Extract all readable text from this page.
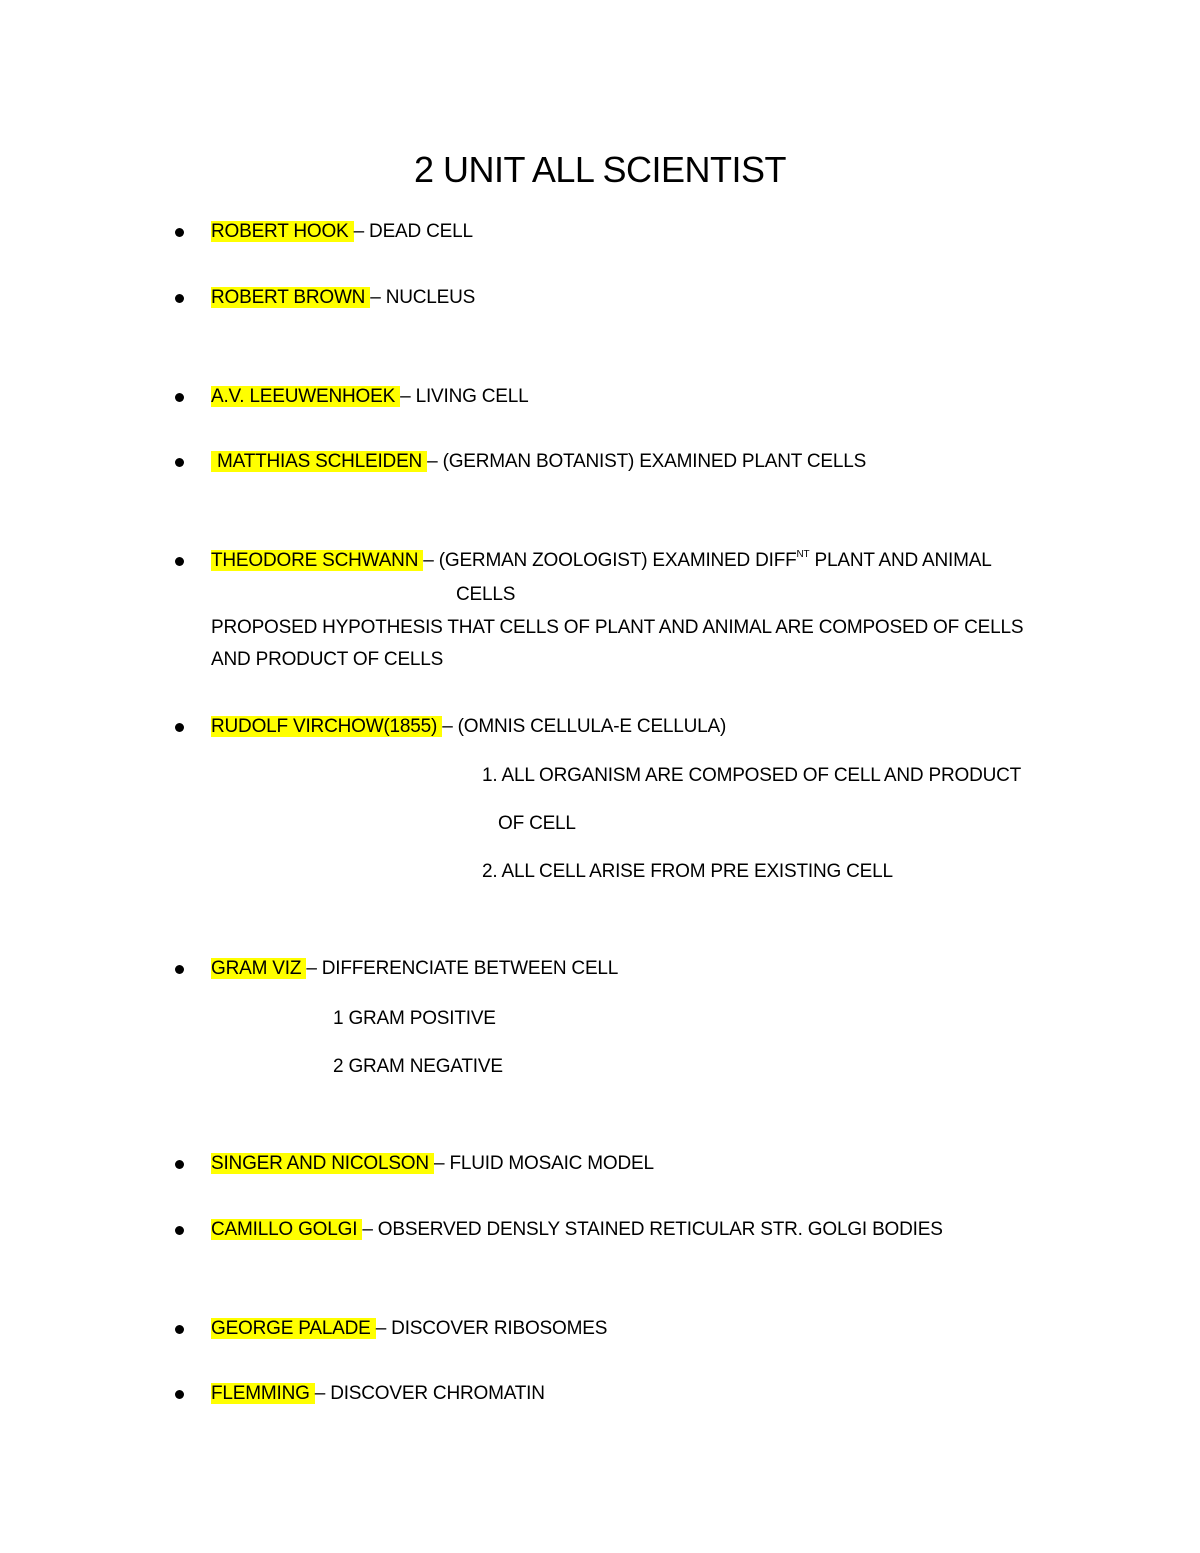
2 UNIT ALL SCIENTIST
ROBERT HOOK – DEAD CELL
ROBERT BROWN – NUCLEUS
A.V. LEEUWENHOEK – LIVING CELL
MATTHIAS SCHLEIDEN – (GERMAN BOTANIST) EXAMINED PLANT CELLS
THEODORE SCHWANN – (GERMAN ZOOLOGIST) EXAMINED $DIFF^{NT}$ PLANT AND ANIMAL
CELLS
PROPOSED HYPOTHESIS THAT CELLS OF PLANT AND ANIMAL ARE COMPOSED OF CELLS
AND PRODUCT OF CELLS
RUDOLF VIRCHOW(1855) – (OMNIS CELLULA-E CELLULA)
1. ALL ORGANISM ARE COMPOSED OF CELL AND PRODUCT
OF CELL
2. ALL CELL ARISE FROM PRE EXISTING CELL
GRAM VIZ – DIFFERENCIATE BETWEEN CELL
1 GRAM POSITIVE
2 GRAM NEGATIVE
SINGER AND NICOLSON – FLUID MOSAIC MODEL
CAMILLO GOLGI – OBSERVED DENSLY STAINED RETICULAR STR. GOLGI BODIES
GEORGE PALADE – DISCOVER RIBOSOMES
FLEMMING – DISCOVER CHROMATIN
